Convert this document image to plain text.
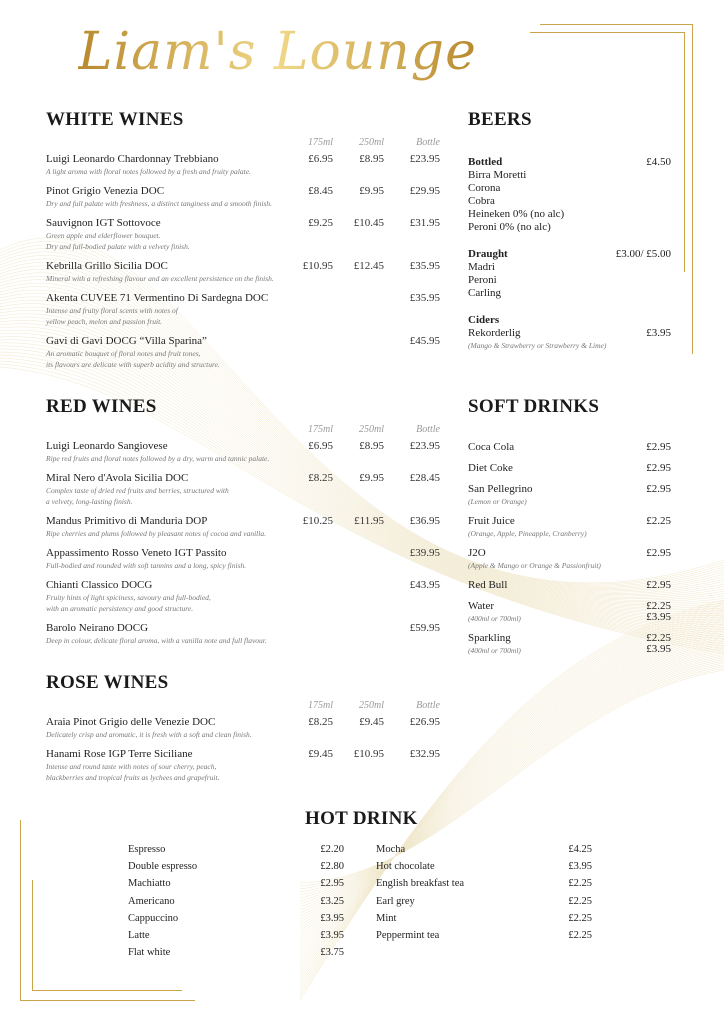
Liam's Lounge
WHITE WINES
175ml	250ml	Bottle
Luigi Leonardo Chardonnay Trebbiano
A light aroma with floral notes followed by a fresh and fruity palate.
£6.95	£8.95	£23.95
Pinot Grigio Venezia DOC
Dry and full palate with freshness, a distinct tanginess and a smooth finish.
£8.45	£9.95	£29.95
Sauvignon IGT Sottovoce
Green apple and elderflower bouquet.
Dry and full-bodied palate with a velvety finish.
£9.25	£10.45	£31.95
Kebrilla Grillo Sicilia DOC
Mineral with a refreshing flavour and an excellent persistence on the finish.
£10.95	£12.45	£35.95
Akenta CUVEE 71 Vermentino Di Sardegna DOC
Intense and fruity floral scents with notes of
yellow peach, melon and passion fruit.
£35.95
Gavi di Gavi DOCG “Villa Sparina”
An aromatic bouquet of floral notes and fruit tones,
its flavours are delicate with superb acidity and structure.
£45.95
RED WINES
175ml	250ml	Bottle
Luigi Leonardo Sangiovese
Ripe red fruits and floral notes followed by a dry, warm and tannic palate.
£6.95	£8.95	£23.95
Miral Nero d'Avola Sicilia DOC
Complex taste of dried red fruits and berries, structured with
a velvety, long-lasting finish.
£8.25	£9.95	£28.45
Mandus Primitivo di Manduria DOP
Ripe cherries and plums followed by pleasant notes of cocoa and vanilla.
£10.25	£11.95	£36.95
Appassimento Rosso Veneto IGT Passito
Full-bodied and rounded with soft tannins and a long, spicy finish.
£39.95
Chianti Classico DOCG
Fruity hints of light spiciness, savoury and full-bodied,
with an aromatic persistency and good structure.
£43.95
Barolo Neirano DOCG
Deep in colour, delicate floral aroma, with a vanilla note and full flavour.
£59.95
ROSE WINES
175ml	250ml	Bottle
Araia Pinot Grigio delle Venezie DOC
Delicately crisp and aromatic, it is fresh with a soft and clean finish.
£8.25	£9.45	£26.95
Hanami Rose IGP Terre Siciliane
Intense and round taste with notes of sour cherry, peach,
blackberries and tropical fruits as lychees and grapefruit.
£9.45	£10.95	£32.95
BEERS
Bottled	£4.50
Birra Moretti
Corona
Cobra
Heineken 0% (no alc)
Peroni 0% (no alc)
Draught	£3.00/ £5.00
Madri
Peroni
Carling
Ciders
Rekorderlig	£3.95
(Mango & Strawberry or Strawberry & Lime)
SOFT DRINKS
Coca Cola	£2.95
Diet Coke	£2.95
San Pellegrino
(Lemon or Orange)
£2.95
Fruit Juice
(Orange, Apple, Pineapple, Cranberry)
£2.25
J2O
(Apple & Mango or Orange & Passionfruit)
£2.95
Red Bull	£2.95
Water
(400ml or 700ml)
£2.25
£3.95
Sparkling
(400ml or 700ml)
£2.25
£3.95
HOT DRINK
Espresso	£2.20
Double espresso	£2.80
Machiatto	£2.95
Americano	£3.25
Cappuccino	£3.95
Latte	£3.95
Flat white	£3.75
Mocha	£4.25
Hot chocolate	£3.95
English breakfast tea	£2.25
Earl grey	£2.25
Mint	£2.25
Peppermint tea	£2.25
